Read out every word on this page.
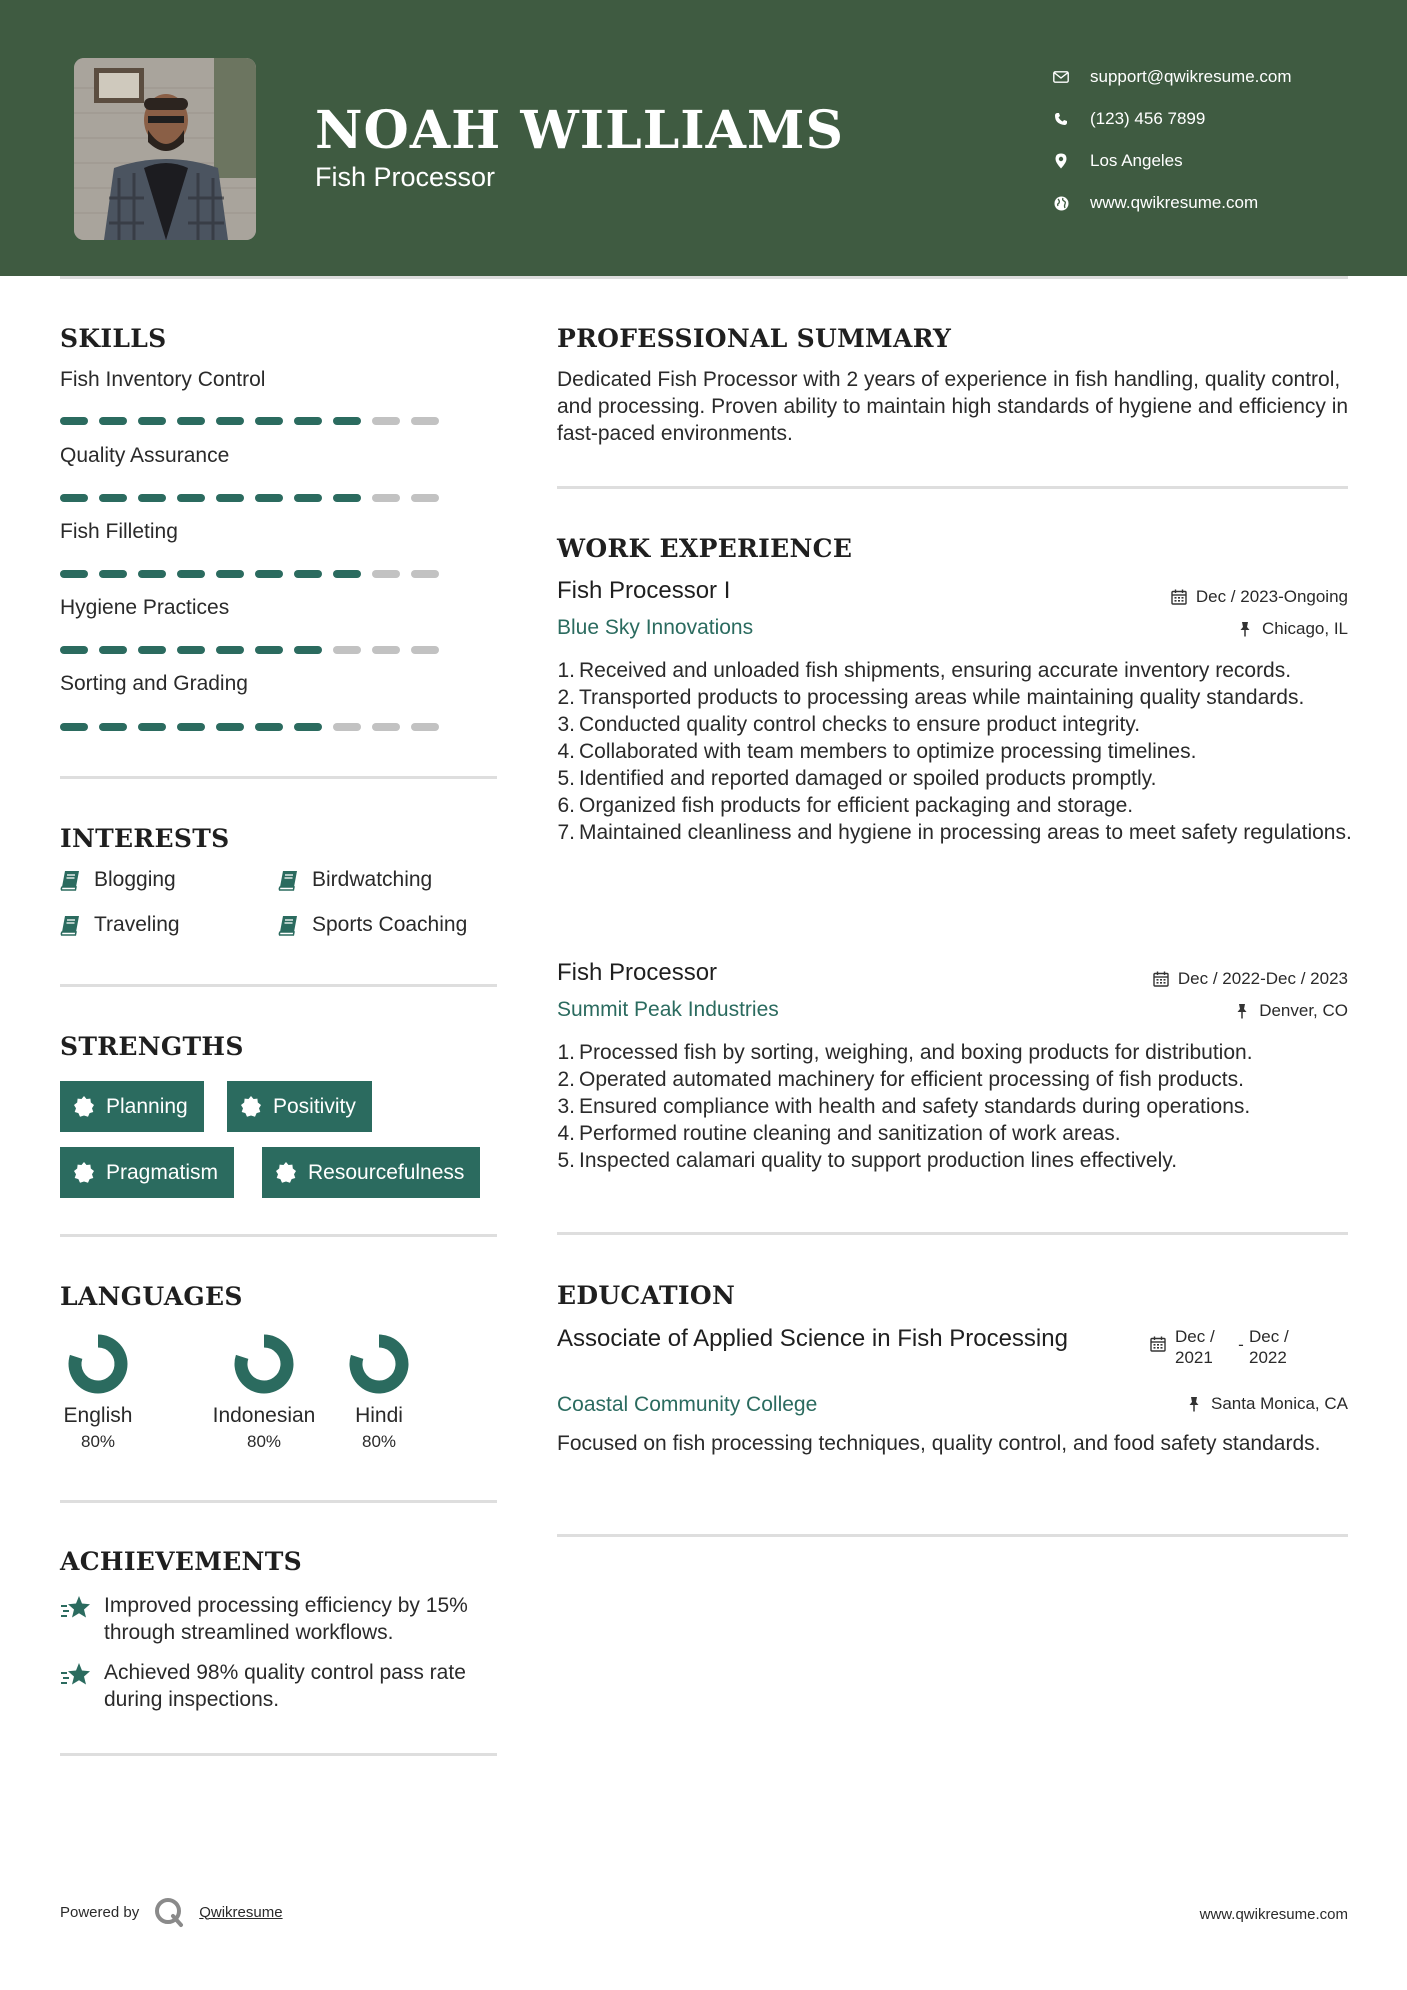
NOAH WILLIAMS
Fish Processor
support@qwikresume.com
(123) 456 7899
Los Angeles
www.qwikresume.com
SKILLS
Fish Inventory Control
Quality Assurance
Fish Filleting
Hygiene Practices
Sorting and Grading
INTERESTS
Blogging	Birdwatching
Traveling	Sports Coaching
STRENGTHS
Planning	Positivity
Pragmatism	Resourcefulness
LANGUAGES
English
80%
Indonesian
80%
Hindi
80%
ACHIEVEMENTS
Improved processing efficiency by 15% through streamlined workflows.
Achieved 98% quality control pass rate during inspections.
PROFESSIONAL SUMMARY
Dedicated Fish Processor with 2 years of experience in fish handling, quality control, and processing. Proven ability to maintain high standards of hygiene and efficiency in fast-paced environments.
WORK EXPERIENCE
Fish Processor I	Dec / 2023-Ongoing
Blue Sky Innovations	Chicago, IL
1. Received and unloaded fish shipments, ensuring accurate inventory records.
2. Transported products to processing areas while maintaining quality standards.
3. Conducted quality control checks to ensure product integrity.
4. Collaborated with team members to optimize processing timelines.
5. Identified and reported damaged or spoiled products promptly.
6. Organized fish products for efficient packaging and storage.
7. Maintained cleanliness and hygiene in processing areas to meet safety regulations.
Fish Processor	Dec / 2022-Dec / 2023
Summit Peak Industries	Denver, CO
1. Processed fish by sorting, weighing, and boxing products for distribution.
2. Operated automated machinery for efficient processing of fish products.
3. Ensured compliance with health and safety standards during operations.
4. Performed routine cleaning and sanitization of work areas.
5. Inspected calamari quality to support production lines effectively.
EDUCATION
Associate of Applied Science in Fish Processing	Dec / 2021
- Dec / 2022
Coastal Community College	Santa Monica, CA
Focused on fish processing techniques, quality control, and food safety standards.
Powered by	Qwikresume	www.qwikresume.com
